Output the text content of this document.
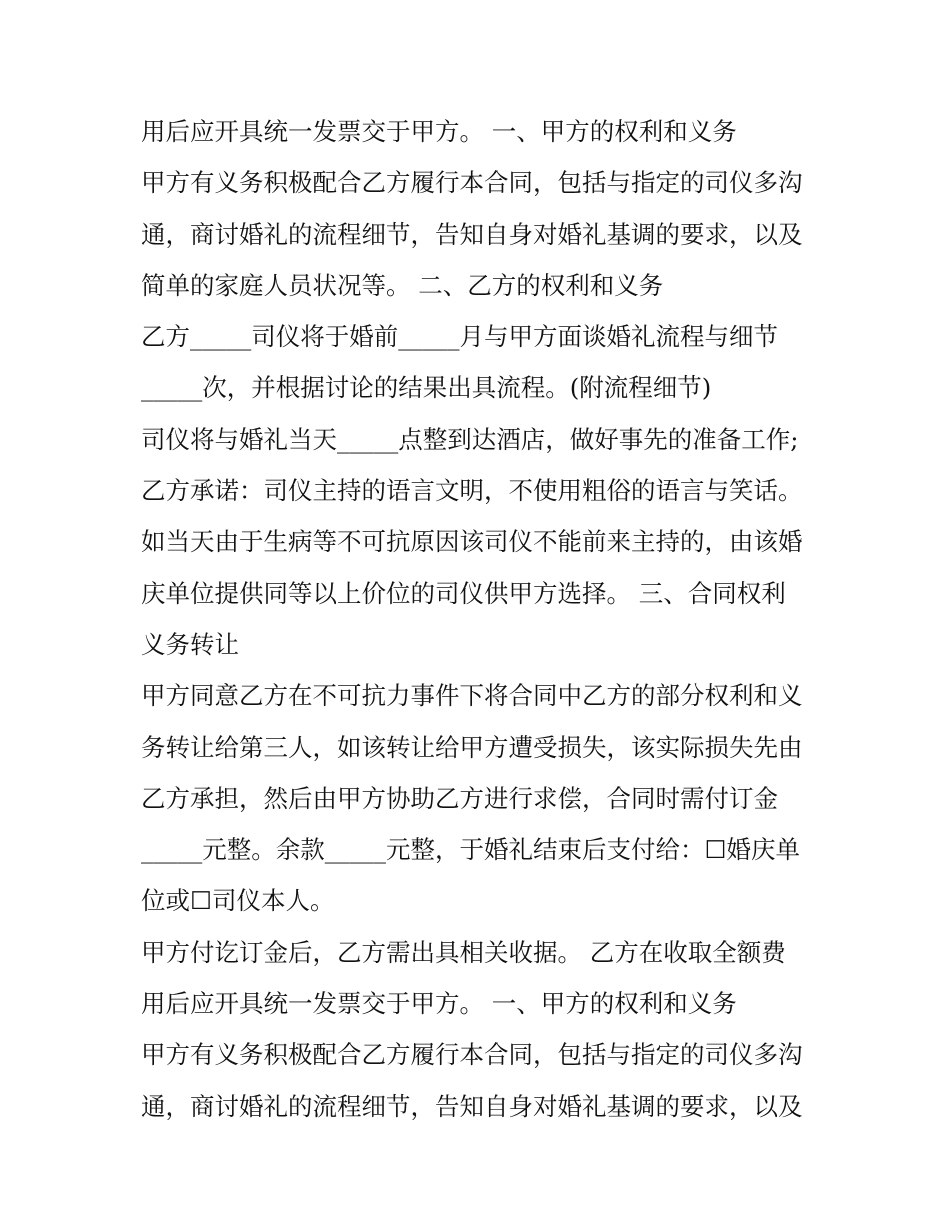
用后应开具统一发票交于甲方。 一、甲方的权利和义务
甲方有义务积极配合乙方履行本合同，包括与指定的司仪多沟
通，商讨婚礼的流程细节，告知自身对婚礼基调的要求，以及
简单的家庭人员状况等。 二、乙方的权利和义务
乙方_____司仪将于婚前_____月与甲方面谈婚礼流程与细节
_____次，并根据讨论的结果出具流程。(附流程细节)
司仪将与婚礼当天_____点整到达酒店，做好事先的准备工作;
乙方承诺：司仪主持的语言文明，不使用粗俗的语言与笑话。
如当天由于生病等不可抗原因该司仪不能前来主持的，由该婚
庆单位提供同等以上价位的司仪供甲方选择。 三、合同权利
义务转让
甲方同意乙方在不可抗力事件下将合同中乙方的部分权利和义
务转让给第三人，如该转让给甲方遭受损失，该实际损失先由
乙方承担，然后由甲方协助乙方进行求偿，合同时需付订金
_____元整。余款_____元整，于婚礼结束后支付给：☐婚庆单
位或☐司仪本人。
甲方付讫订金后，乙方需出具相关收据。 乙方在收取全额费
用后应开具统一发票交于甲方。 一、甲方的权利和义务
甲方有义务积极配合乙方履行本合同，包括与指定的司仪多沟
通，商讨婚礼的流程细节，告知自身对婚礼基调的要求，以及
